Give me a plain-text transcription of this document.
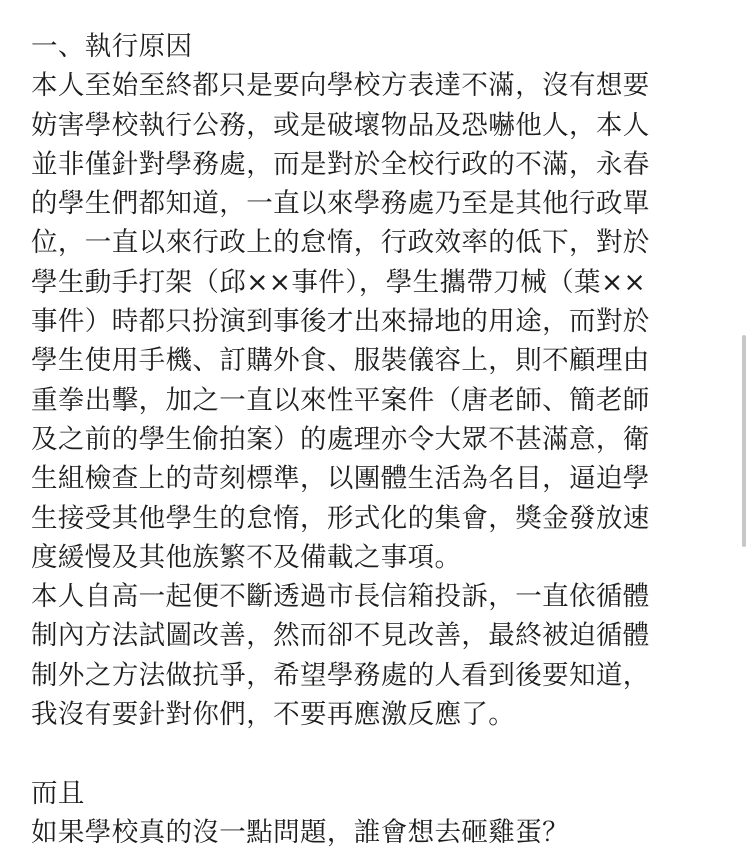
一、執行原因
本人至始至終都只是要向學校方表達不滿，沒有想要
妨害學校執行公務，或是破壞物品及恐嚇他人，本人
並非僅針對學務處，而是對於全校行政的不滿，永春
的學生們都知道，一直以來學務處乃至是其他行政單
位，一直以來行政上的怠惰，行政效率的低下，對於
學生動手打架（邱××事件），學生攜帶刀械（葉××
事件）時都只扮演到事後才出來掃地的用途，而對於
學生使用手機、訂購外食、服裝儀容上，則不顧理由
重拳出擊，加之一直以來性平案件（唐老師、簡老師
及之前的學生偷拍案）的處理亦令大眾不甚滿意，衛
生組檢查上的苛刻標準，以團體生活為名目，逼迫學
生接受其他學生的怠惰，形式化的集會，獎金發放速
度緩慢及其他族繁不及備載之事項。
本人自高一起便不斷透過市長信箱投訴，一直依循體
制內方法試圖改善，然而卻不見改善，最終被迫循體
制外之方法做抗爭，希望學務處的人看到後要知道，
我沒有要針對你們，不要再應激反應了。
而且
如果學校真的沒一點問題，誰會想去砸雞蛋？
